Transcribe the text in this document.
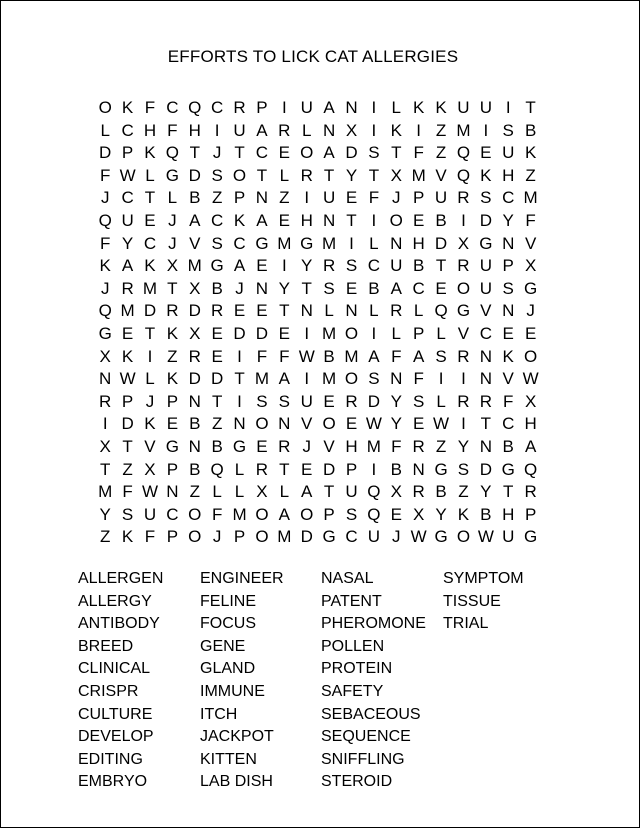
EFFORTS TO LICK CAT ALLERGIES
O K F C Q C R P I U A N I L K K U U I T
L C H F H I U A R L N X I K I Z M I S B
D P K Q T J T C E O A D S T F Z Q E U K
F W L G D S O T L R T Y T X M V Q K H Z
J C T L B Z P N Z I U E F J P U R S C M
Q U E J A C K A E H N T I O E B I D Y F
F Y C J V S C G M G M I L N H D X G N V
K A K X M G A E I Y R S C U B T R U P X
J R M T X B J N Y T S E B A C E O U S G
Q M D R D R E E T N L N L R L Q G V N J
G E T K X E D D E I M O I L P L V C E E
X K I Z R E I F F W B M A F A S R N K O
N W L K D D T M A I M O S N F I	I N V W
R P J P N T I S S U E R D Y S L R R F X
I D K E B Z N O N V O E W Y E W I T C H
X T V G N B G E R J V H M F R Z Y N B A
T Z X P B Q L R T E D P I B N G S D G Q
M F W N Z L L X L A T U Q X R B Z Y T R
Y S U C O F M O A O P S Q E X Y K B H P
Z K F P O J P O M D G C U J W G O W U G
ALLERGEN
ALLERGY
ANTIBODY
BREED
CLINICAL
CRISPR
CULTURE
DEVELOP
EDITING
EMBRYO
ENGINEER
FELINE
FOCUS
GENE
GLAND
IMMUNE
ITCH
JACKPOT
KITTEN
LAB DISH
NASAL
PATENT
PHEROMONE
POLLEN
PROTEIN
SAFETY
SEBACEOUS
SEQUENCE
SNIFFLING
STEROID
SYMPTOM
TISSUE
TRIAL
